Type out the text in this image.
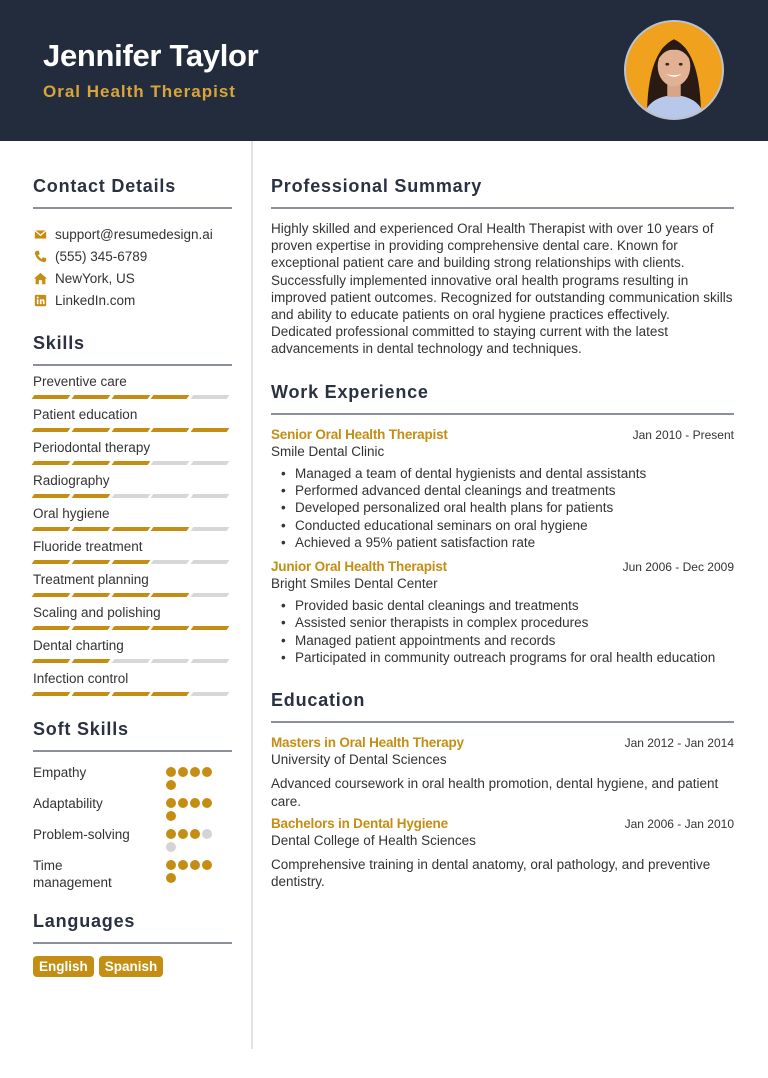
Jennifer Taylor
Oral Health Therapist
Contact Details
support@resumedesign.ai
(555) 345-6789
NewYork, US
LinkedIn.com
Skills
Preventive care
Patient education
Periodontal therapy
Radiography
Oral hygiene
Fluoride treatment
Treatment planning
Scaling and polishing
Dental charting
Infection control
Soft Skills
Empathy
Adaptability
Problem-solving
Time management
Languages
English	Spanish
Professional Summary
Highly skilled and experienced Oral Health Therapist with over 10 years of proven expertise in providing comprehensive dental care. Known for exceptional patient care and building strong relationships with clients. Successfully implemented innovative oral health programs resulting in improved patient outcomes. Recognized for outstanding communication skills and ability to educate patients on oral hygiene practices effectively. Dedicated professional committed to staying current with the latest advancements in dental technology and techniques.
Work Experience
Senior Oral Health Therapist	Jan 2010 - Present
Smile Dental Clinic
• Managed a team of dental hygienists and dental assistants
• Performed advanced dental cleanings and treatments
• Developed personalized oral health plans for patients
• Conducted educational seminars on oral hygiene
• Achieved a 95% patient satisfaction rate
Junior Oral Health Therapist	Jun 2006 - Dec 2009
Bright Smiles Dental Center
• Provided basic dental cleanings and treatments
• Assisted senior therapists in complex procedures
• Managed patient appointments and records
• Participated in community outreach programs for oral health education
Education
Masters in Oral Health Therapy	Jan 2012 - Jan 2014
University of Dental Sciences
Advanced coursework in oral health promotion, dental hygiene, and patient care.
Bachelors in Dental Hygiene	Jan 2006 - Jan 2010
Dental College of Health Sciences
Comprehensive training in dental anatomy, oral pathology, and preventive dentistry.
